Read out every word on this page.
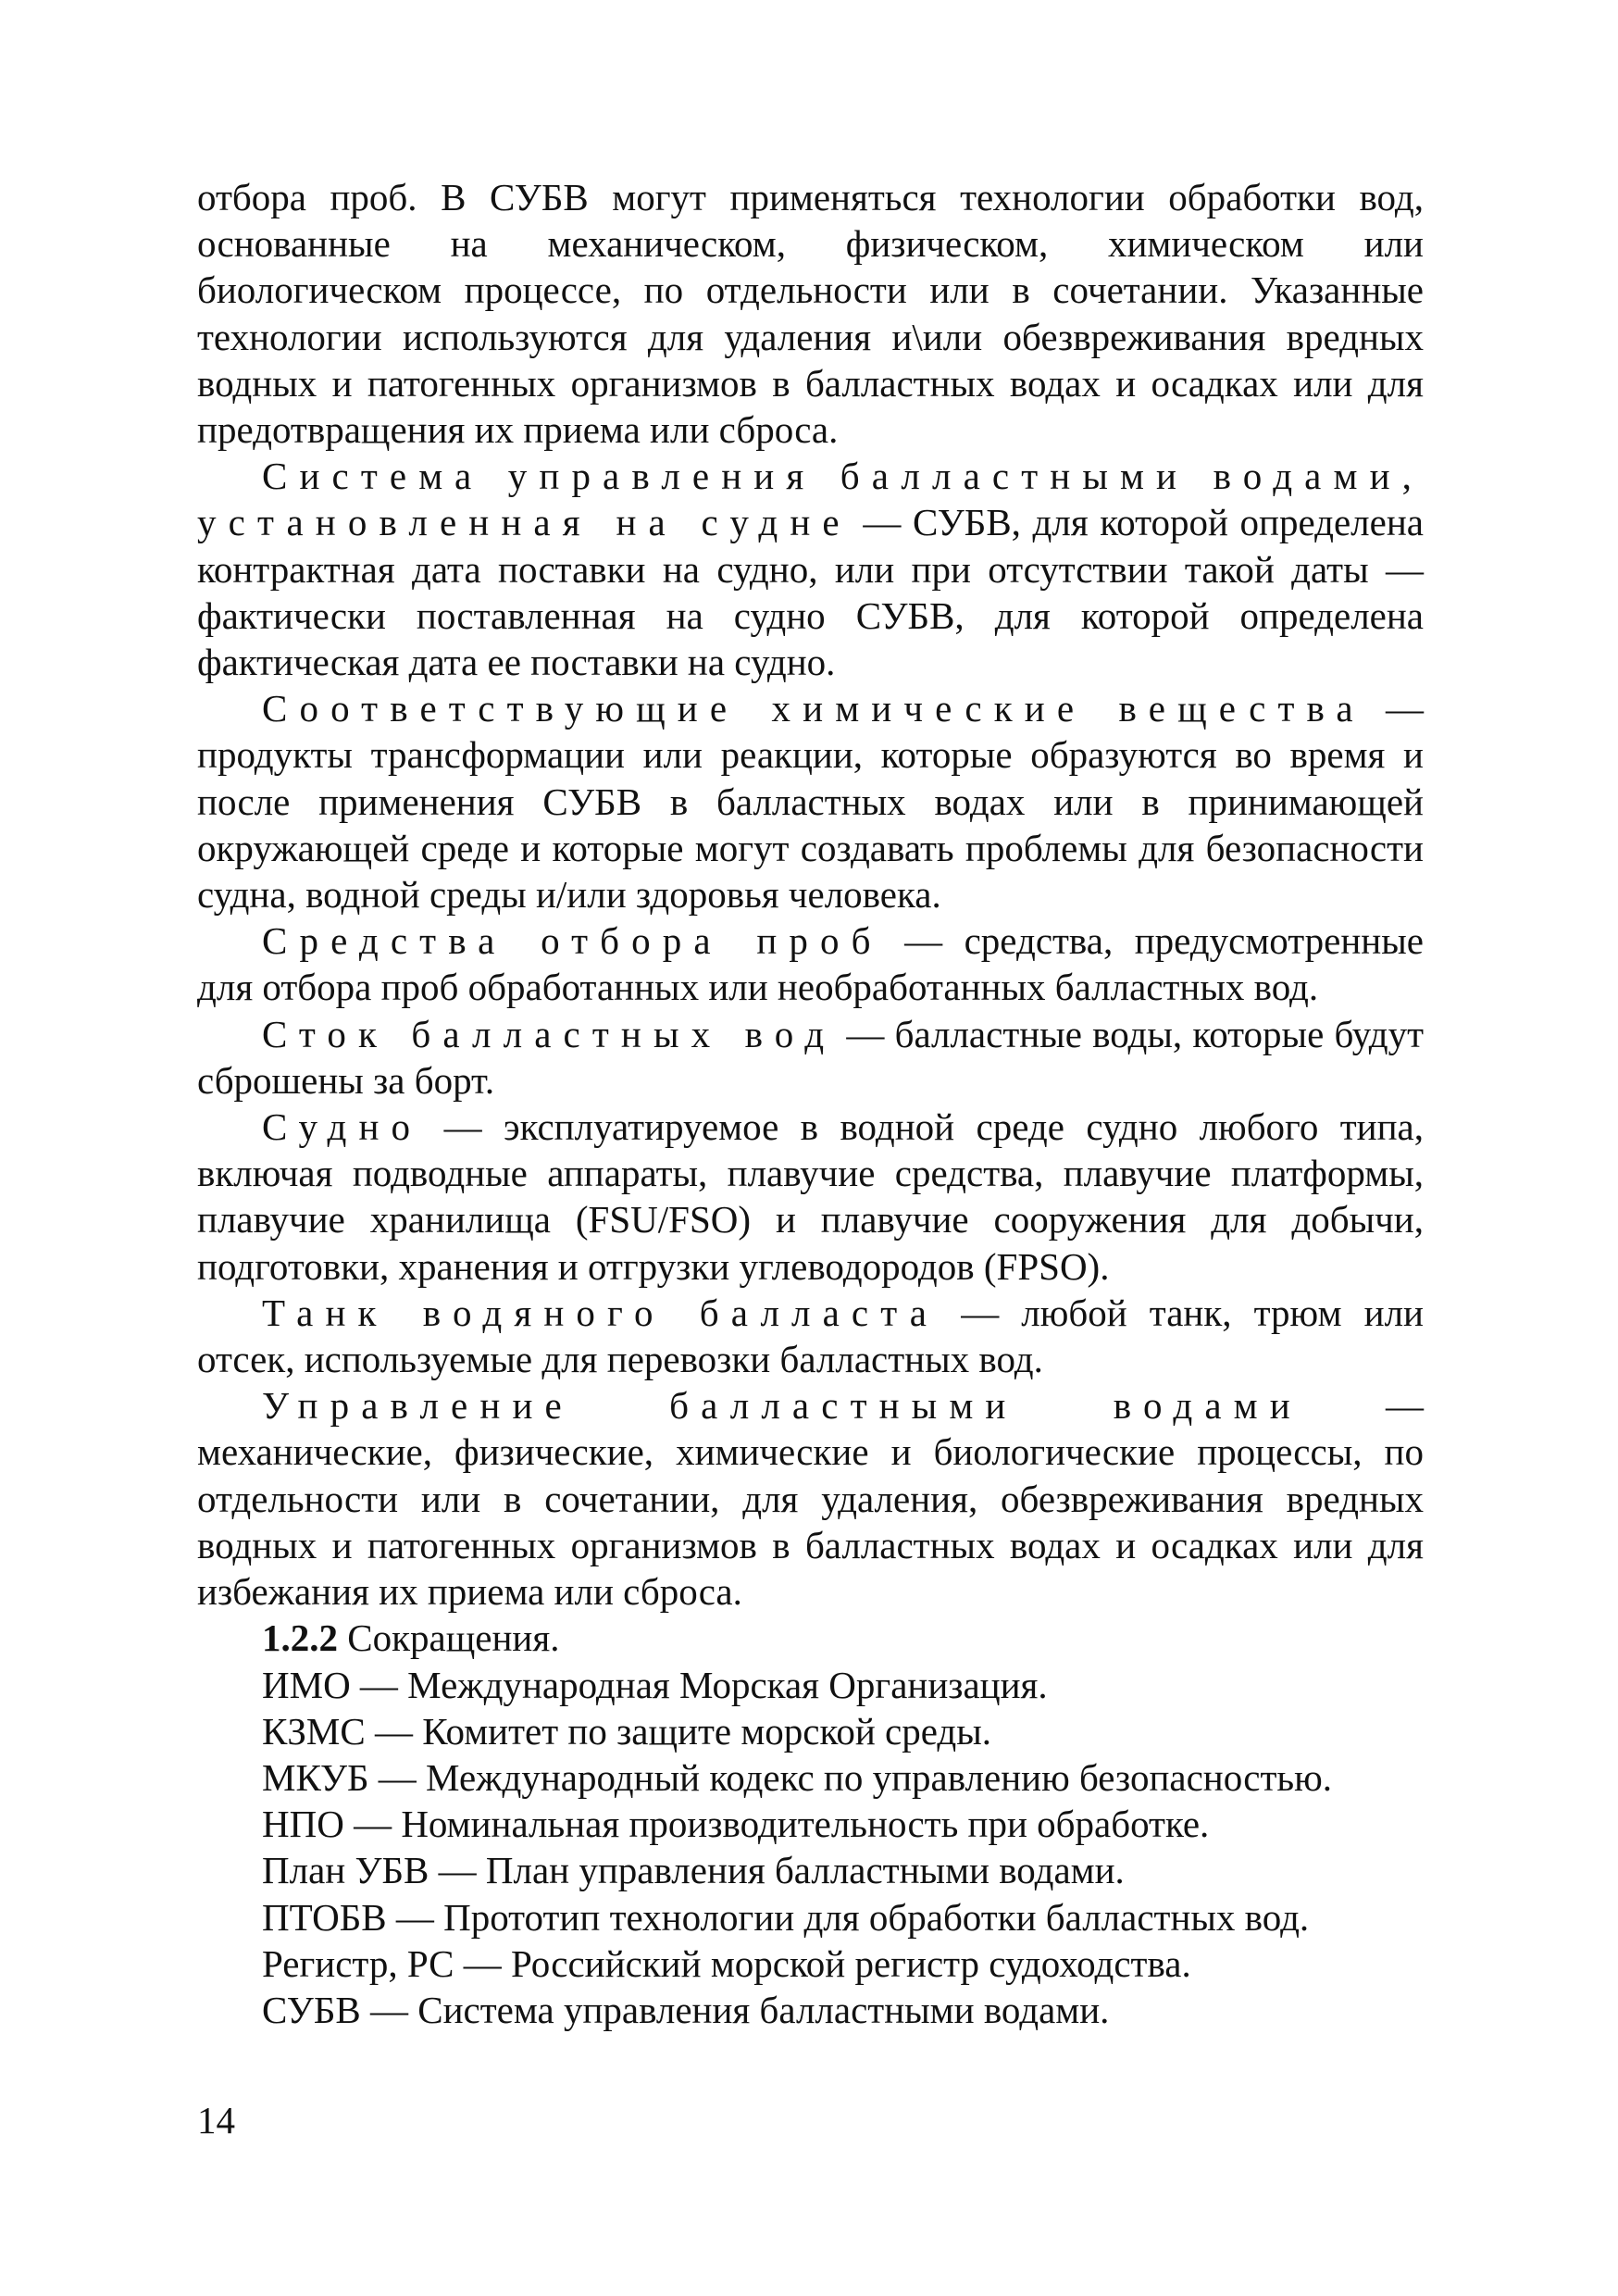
отбора проб. В СУБВ могут применяться технологии обработки вод, основанные на механическом, физическом, химическом или биологическом процессе, по отдельности или в сочетании. Указанные технологии используются для удаления и\или обезвреживания вредных водных и патогенных организмов в балластных водах и осадках или для предотвращения их приема или сброса.

Система управления балластными водами, установленная на судне — СУБВ, для которой определена контрактная дата поставки на судно, или при отсутствии такой даты — фактически поставленная на судно СУБВ, для которой определена фактическая дата ее поставки на судно.

Соответствующие химические вещества — продукты трансформации или реакции, которые образуются во время и после применения СУБВ в балластных водах или в принимающей окружающей среде и которые могут создавать проблемы для безопасности судна, водной среды и/или здоровья человека.

Средства отбора проб — средства, предусмотренные для отбора проб обработанных или необработанных балластных вод.

Сток балластных вод — балластные воды, которые будут сброшены за борт.

Судно — эксплуатируемое в водной среде судно любого типа, включая подводные аппараты, плавучие средства, плавучие платформы, плавучие хранилища (FSU/FSO) и плавучие сооружения для добычи, подготовки, хранения и отгрузки углеводородов (FPSO).

Танк водяного балласта — любой танк, трюм или отсек, используемые для перевозки балластных вод.

Управление балластными водами — механические, физические, химические и биологические процессы, по отдельности или в сочетании, для удаления, обезвреживания вредных водных и патогенных организмов в балластных водах и осадках или для избежания их приема или сброса.

1.2.2 Сокращения.

ИМО — Международная Морская Организация.

КЗМС — Комитет по защите морской среды.

МКУБ — Международный кодекс по управлению безопасностью.

НПО — Номинальная производительность при обработке.

План УБВ — План управления балластными водами.

ПТОБВ — Прототип технологии для обработки балластных вод.

Регистр, РС — Российский морской регистр судоходства.

СУБВ — Система управления балластными водами.

14
